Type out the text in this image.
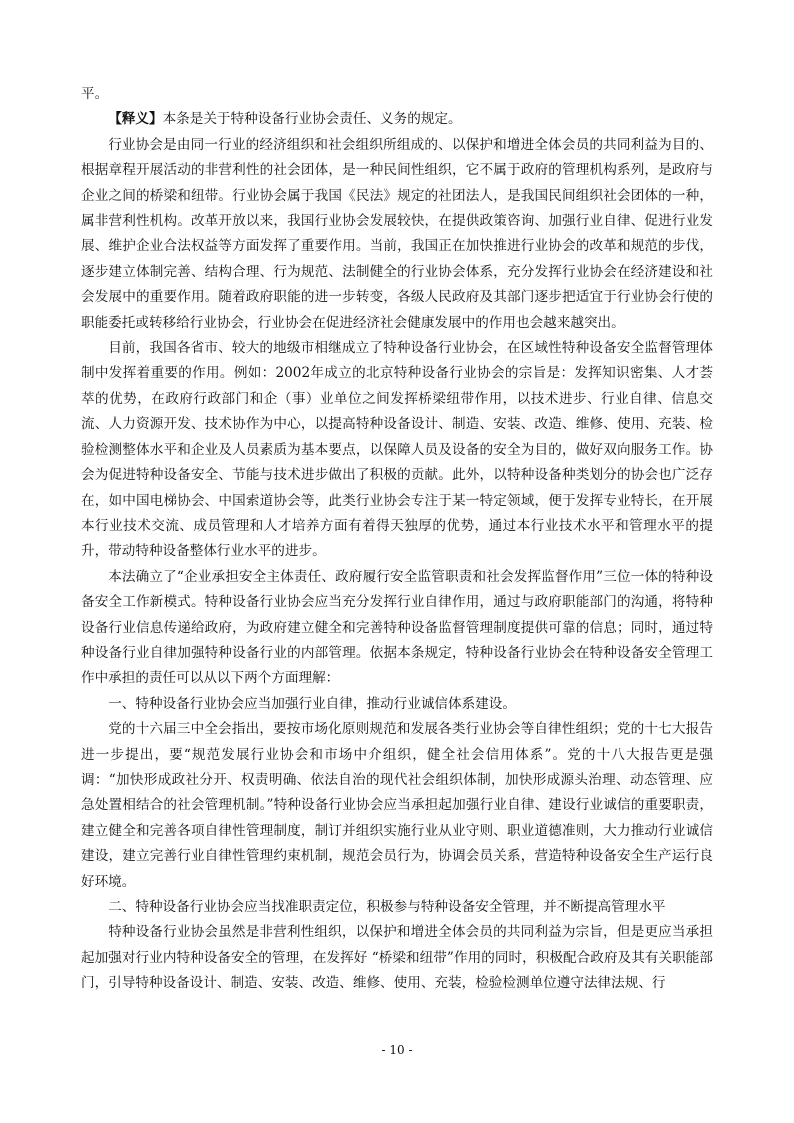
平。

【释义】本条是关于特种设备行业协会责任、义务的规定。

行业协会是由同一行业的经济组织和社会组织所组成的、以保护和增进全体会员的共同利益为目的、根据章程开展活动的非营利性的社会团体，是一种民间性组织，它不属于政府的管理机构系列，是政府与企业之间的桥梁和纽带。行业协会属于我国《民法》规定的社团法人，是我国民间组织社会团体的一种，属非营利性机构。改革开放以来，我国行业协会发展较快，在提供政策咨询、加强行业自律、促进行业发展、维护企业合法权益等方面发挥了重要作用。当前，我国正在加快推进行业协会的改革和规范的步伐，逐步建立体制完善、结构合理、行为规范、法制健全的行业协会体系，充分发挥行业协会在经济建设和社会发展中的重要作用。随着政府职能的进一步转变，各级人民政府及其部门逐步把适宜于行业协会行使的职能委托或转移给行业协会，行业协会在促进经济社会健康发展中的作用也会越来越突出。

目前，我国各省市、较大的地级市相继成立了特种设备行业协会，在区域性特种设备安全监督管理体制中发挥着重要的作用。例如：2002年成立的北京特种设备行业协会的宗旨是：发挥知识密集、人才荟萃的优势，在政府行政部门和企（事）业单位之间发挥桥梁纽带作用，以技术进步、行业自律、信息交流、人力资源开发、技术协作为中心，以提高特种设备设计、制造、安装、改造、维修、使用、充装、检验检测整体水平和企业及人员素质为基本要点，以保障人员及设备的安全为目的，做好双向服务工作。协会为促进特种设备安全、节能与技术进步做出了积极的贡献。此外，以特种设备种类划分的协会也广泛存在，如中国电梯协会、中国索道协会等，此类行业协会专注于某一特定领域，便于发挥专业特长，在开展本行业技术交流、成员管理和人才培养方面有着得天独厚的优势，通过本行业技术水平和管理水平的提升，带动特种设备整体行业水平的进步。

本法确立了“企业承担安全主体责任、政府履行安全监管职责和社会发挥监督作用”三位一体的特种设备安全工作新模式。特种设备行业协会应当充分发挥行业自律作用，通过与政府职能部门的沟通，将特种设备行业信息传递给政府，为政府建立健全和完善特种设备监督管理制度提供可靠的信息；同时，通过特种设备行业自律加强特种设备行业的内部管理。依据本条规定，特种设备行业协会在特种设备安全管理工作中承担的责任可以从以下两个方面理解：

一、特种设备行业协会应当加强行业自律，推动行业诚信体系建设。

党的十六届三中全会指出，要按市场化原则规范和发展各类行业协会等自律性组织；党的十七大报告进一步提出，要“规范发展行业协会和市场中介组织，健全社会信用体系”。党的十八大报告更是强调：“加快形成政社分开、权责明确、依法自治的现代社会组织体制，加快形成源头治理、动态管理、应急处置相结合的社会管理机制。”特种设备行业协会应当承担起加强行业自律、建设行业诚信的重要职责，建立健全和完善各项自律性管理制度，制订并组织实施行业从业守则、职业道德准则，大力推动行业诚信建设，建立完善行业自律性管理约束机制，规范会员行为，协调会员关系，营造特种设备安全生产运行良好环境。

二、特种设备行业协会应当找准职责定位，积极参与特种设备安全管理，并不断提高管理水平

特种设备行业协会虽然是非营利性组织，以保护和增进全体会员的共同利益为宗旨，但是更应当承担起加强对行业内特种设备安全的管理，在发挥好 “桥梁和纽带”作用的同时，积极配合政府及其有关职能部门，引导特种设备设计、制造、安装、改造、维修、使用、充装，检验检测单位遵守法律法规、行

- 10 -
